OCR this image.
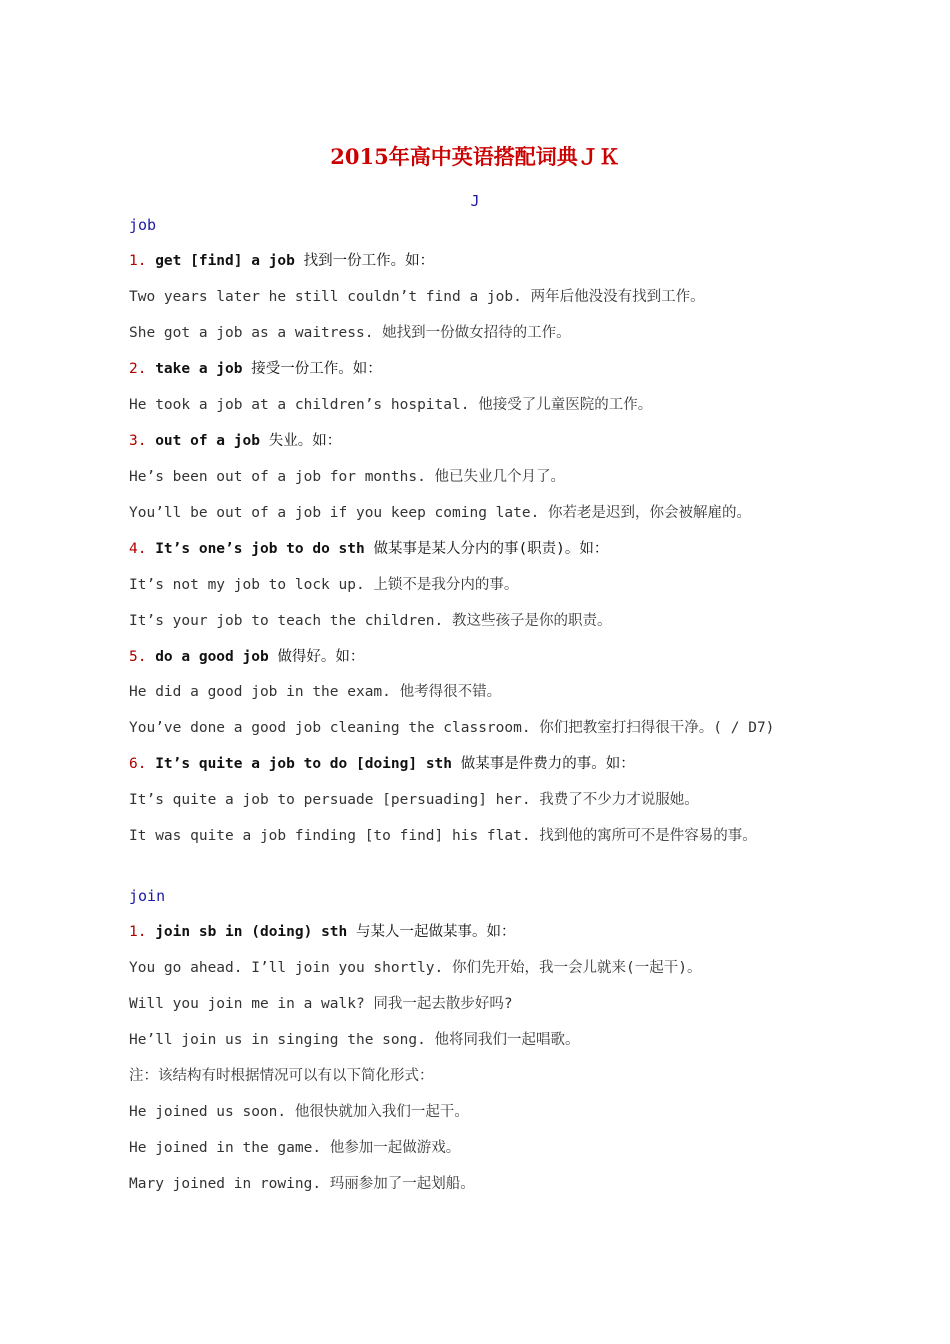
2015年高中英语搭配词典ＪＫ
J
job
1. get [find] a job 找到一份工作。如：
Two years later he still couldn’t find a job. 两年后他没没有找到工作。
She got a job as a waitress. 她找到一份做女招待的工作。
2. take a job 接受一份工作。如：
He took a job at a children’s hospital. 他接受了儿童医院的工作。
3. out of a job 失业。如：
He’s been out of a job for months. 他已失业几个月了。
You’ll be out of a job if you keep coming late. 你若老是迟到，你会被解雇的。
4. It’s one’s job to do sth 做某事是某人分内的事(职责)。如：
It’s not my job to lock up. 上锁不是我分内的事。
It’s your job to teach the children. 教这些孩子是你的职责。
5. do a good job 做得好。如：
He did a good job in the exam. 他考得很不错。
You’ve done a good job cleaning the classroom. 你们把教室打扫得很干净。( / D7)
6. It’s quite a job to do [doing] sth 做某事是件费力的事。如：
It’s quite a job to persuade [persuading] her. 我费了不少力才说服她。
It was quite a job finding [to find] his flat. 找到他的寓所可不是件容易的事。
join
1. join sb in (doing) sth 与某人一起做某事。如：
You go ahead. I’ll join you shortly. 你们先开始，我一会儿就来(一起干)。
Will you join me in a walk? 同我一起去散步好吗?
He’ll join us in singing the song. 他将同我们一起唱歌。
注：该结构有时根据情况可以有以下简化形式：
He joined us soon. 他很快就加入我们一起干。
He joined in the game. 他参加一起做游戏。
Mary joined in rowing. 玛丽参加了一起划船。
